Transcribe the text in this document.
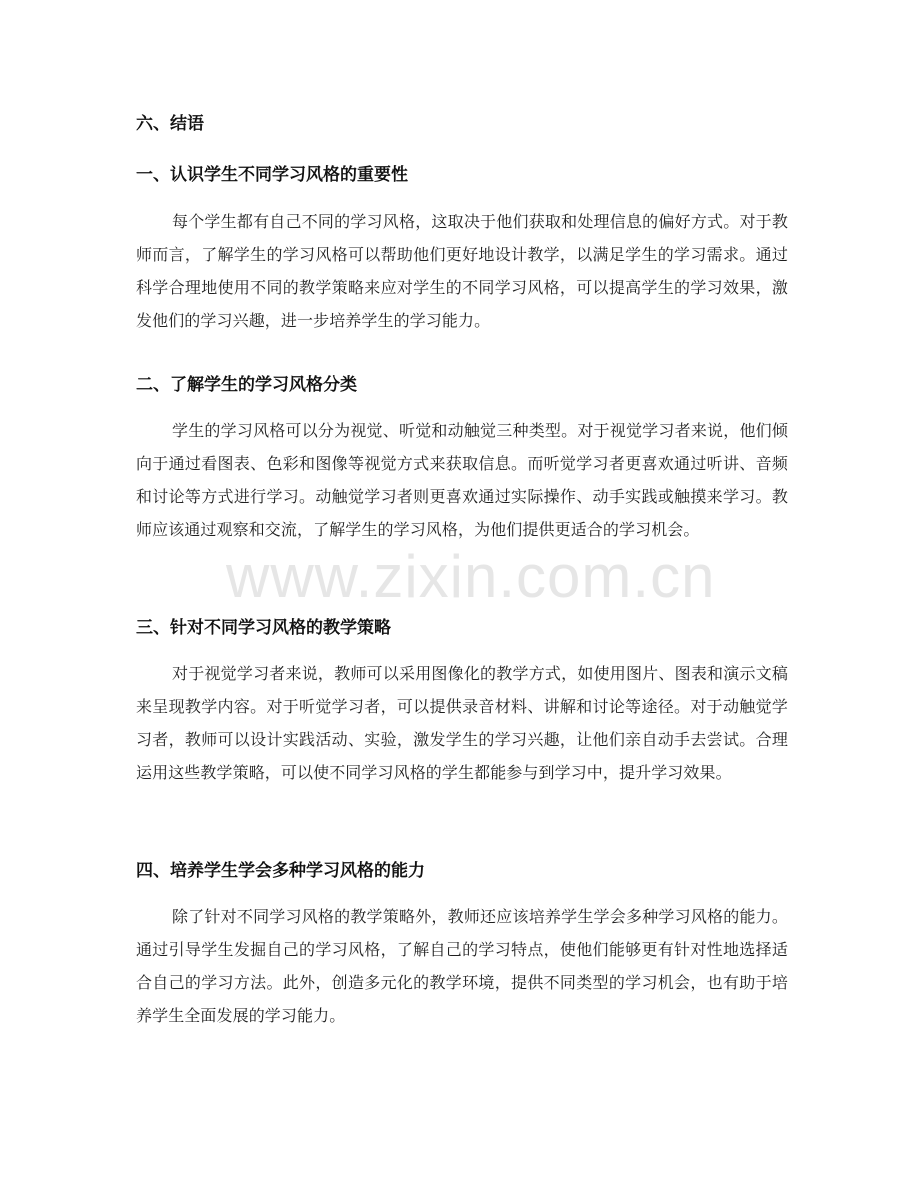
六、结语
一、认识学生不同学习风格的重要性

每个学生都有自己不同的学习风格，这取决于他们获取和处理信息的偏好方式。对于教师而言，了解学生的学习风格可以帮助他们更好地设计教学，以满足学生的学习需求。通过科学合理地使用不同的教学策略来应对学生的不同学习风格，可以提高学生的学习效果，激发他们的学习兴趣，进一步培养学生的学习能力。

二、了解学生的学习风格分类

学生的学习风格可以分为视觉、听觉和动触觉三种类型。对于视觉学习者来说，他们倾向于通过看图表、色彩和图像等视觉方式来获取信息。而听觉学习者更喜欢通过听讲、音频和讨论等方式进行学习。动触觉学习者则更喜欢通过实际操作、动手实践或触摸来学习。教师应该通过观察和交流，了解学生的学习风格，为他们提供更适合的学习机会。

三、针对不同学习风格的教学策略

对于视觉学习者来说，教师可以采用图像化的教学方式，如使用图片、图表和演示文稿来呈现教学内容。对于听觉学习者，可以提供录音材料、讲解和讨论等途径。对于动触觉学习者，教师可以设计实践活动、实验，激发学生的学习兴趣，让他们亲自动手去尝试。合理运用这些教学策略，可以使不同学习风格的学生都能参与到学习中，提升学习效果。

四、培养学生学会多种学习风格的能力

除了针对不同学习风格的教学策略外，教师还应该培养学生学会多种学习风格的能力。通过引导学生发掘自己的学习风格，了解自己的学习特点，使他们能够更有针对性地选择适合自己的学习方法。此外，创造多元化的教学环境，提供不同类型的学习机会，也有助于培养学生全面发展的学习能力。

www.zixin.com.cn
